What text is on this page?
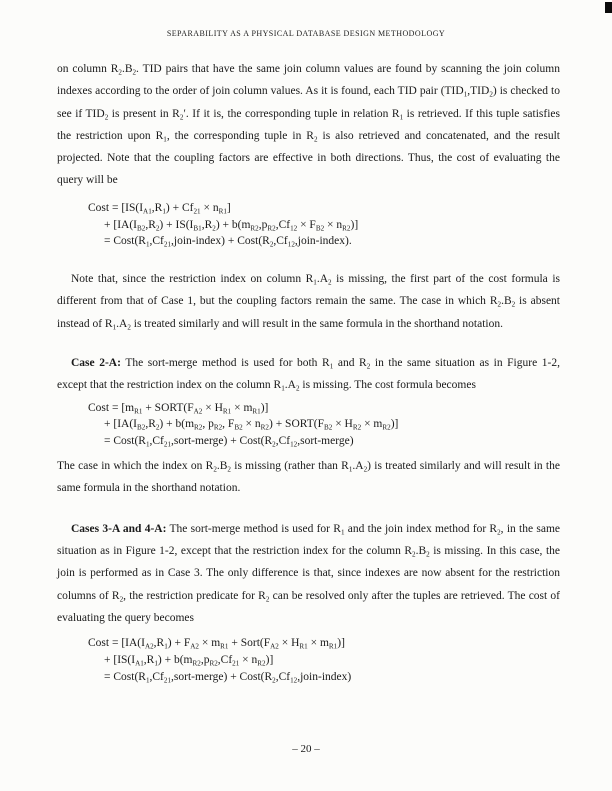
SEPARABILITY AS A PHYSICAL DATABASE DESIGN METHODOLOGY

on column $R_2.B_2$. TID pairs that have the same join column values are found by scanning the join column indexes according to the order of join column values. As it is found, each TID pair $(TID_1,TID_2)$ is checked to see if $TID_2$ is present in $R_2'$. If it is, the corresponding tuple in relation $R_1$ is retrieved. If this tuple satisfies the restriction upon $R_1$, the corresponding tuple in $R_2$ is also retrieved and concatenated, and the result projected. Note that the coupling factors are effective in both directions. Thus, the cost of evaluating the query will be

Cost = $[IS(I_{A1},R_1) + Cf_{21} \times n_{R1}]$
+ $[IA(I_{B2},R_2) + IS(I_{B1},R_2) + b(m_{R2},p_{R2},Cf_{12} \times F_{B2} \times n_{R2})]$
= $Cost(R_1,Cf_{21},join-index)$ + $Cost(R_2,Cf_{12},join-index)$.

Note that, since the restriction index on column $R_1.A_2$ is missing, the first part of the cost formula is different from that of Case 1, but the coupling factors remain the same. The case in which $R_2.B_2$ is absent instead of $R_1.A_2$ is treated similarly and will result in the same formula in the shorthand notation.

Case 2-A: The sort-merge method is used for both $R_1$ and $R_2$ in the same situation as in Figure 1-2, except that the restriction index on the column $R_1.A_2$ is missing. The cost formula becomes

Cost = [$m_{R1}$ + $SORT(F_{A2} \times H_{R1} \times m_{R1})$]
+ [$IA(I_{B2},R_2) + b(m_{R2}$, $p_{R2}$, $F_{B2} \times n_{R2}$) + $SORT(F_{B2} \times H_{R2} \times m_{R2})$]
= $Cost(R_1,Cf_{21},sort-merge)$ + $Cost(R_2,Cf_{12},sort-merge)$

The case in which the index on $R_2.B_2$ is missing (rather than $R_1.A_2$) is treated similarly and will result in the same formula in the shorthand notation.

Cases 3-A and 4-A: The sort-merge method is used for $R_1$ and the join index method for $R_2$, in the same situation as in Figure 1-2, except that the restriction index for the column $R_2.B_2$ is missing. In this case, the join is performed as in Case 3. The only difference is that, since indexes are now absent for the restriction columns of $R_2$, the restriction predicate for $R_2$ can be resolved only after the tuples are retrieved. The cost of evaluating the query becomes

Cost = [$IA(I_{A2},R_1) + F_{A2} \times m_{R1}$ + $Sort(F_{A2} \times H_{R1} \times m_{R1})$]
+ $[IS(I_{A1},R_1) + b(m_{R2},p_{R2},Cf_{21} \times n_{R2})]$
= $Cost(R_1,Cf_{21},sort-merge)$ + $Cost(R_2,Cf_{12},join-index)$
– 20 –
